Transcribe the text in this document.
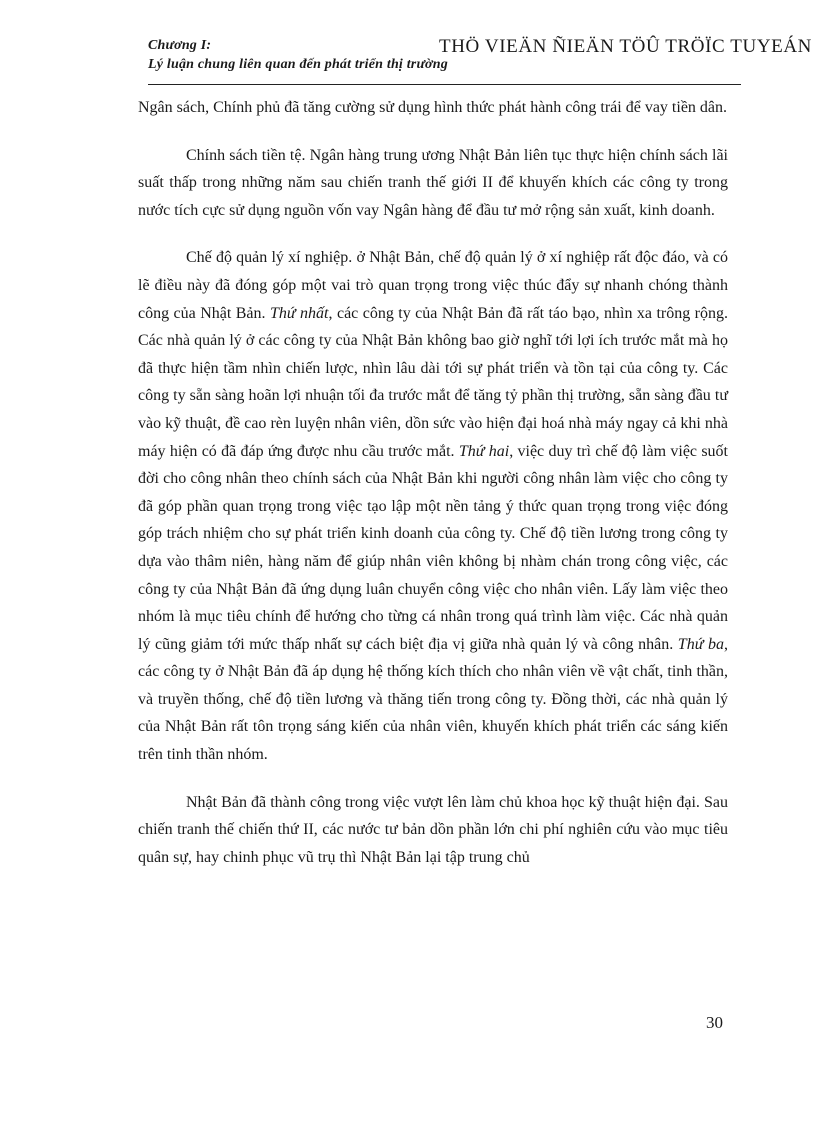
Chương I:
Lý luận chung liên quan đến phát triển thị trường
THÖ VIEÄN ÑIEÄN TÖÛ TRÖÏC TUYEÁN

Ngân sách, Chính phủ đã tăng cường sử dụng hình thức phát hành công trái để vay tiền dân.

Chính sách tiền tệ. Ngân hàng trung ương Nhật Bản liên tục thực hiện chính sách lãi suất thấp trong những năm sau chiến tranh thế giới II để khuyến khích các công ty trong nước tích cực sử dụng nguồn vốn vay Ngân hàng để đầu tư mở rộng sản xuất, kinh doanh.

Chế độ quản lý xí nghiệp. ở Nhật Bản, chế độ quản lý ở xí nghiệp rất độc đáo, và có lẽ điều này đã đóng góp một vai trò quan trọng trong việc thúc đẩy sự nhanh chóng thành công của Nhật Bản. Thứ nhất, các công ty của Nhật Bản đã rất táo bạo, nhìn xa trông rộng. Các nhà quản lý ở các công ty của Nhật Bản không bao giờ nghĩ tới lợi ích trước mắt mà họ đã thực hiện tầm nhìn chiến lược, nhìn lâu dài tới sự phát triển và tồn tại của công ty. Các công ty sẵn sàng hoãn lợi nhuận tối đa trước mắt để tăng tỷ phần thị trường, sẵn sàng đầu tư vào kỹ thuật, đề cao rèn luyện nhân viên, dồn sức vào hiện đại hoá nhà máy ngay cả khi nhà máy hiện có đã đáp ứng được nhu cầu trước mắt. Thứ hai, việc duy trì chế độ làm việc suốt đời cho công nhân theo chính sách của Nhật Bản khi người công nhân làm việc cho công ty đã góp phần quan trọng trong việc tạo lập một nền tảng ý thức quan trọng trong việc đóng góp trách nhiệm cho sự phát triển kinh doanh của công ty. Chế độ tiền lương trong công ty dựa vào thâm niên, hàng năm để giúp nhân viên không bị nhàm chán trong công việc, các công ty của Nhật Bản đã ứng dụng luân chuyển công việc cho nhân viên. Lấy làm việc theo nhóm là mục tiêu chính để hướng cho từng cá nhân trong quá trình làm việc. Các nhà quản lý cũng giảm tới mức thấp nhất sự cách biệt địa vị giữa nhà quản lý và công nhân. Thứ ba, các công ty ở Nhật Bản đã áp dụng hệ thống kích thích cho nhân viên về vật chất, tinh thần, và truyền thống, chế độ tiền lương và thăng tiến trong công ty. Đồng thời, các nhà quản lý của Nhật Bản rất tôn trọng sáng kiến của nhân viên, khuyến khích phát triển các sáng kiến trên tinh thần nhóm.

Nhật Bản đã thành công trong việc vượt lên làm chủ khoa học kỹ thuật hiện đại. Sau chiến tranh thế chiến thứ II, các nước tư bản dồn phần lớn chi phí nghiên cứu vào mục tiêu quân sự, hay chinh phục vũ trụ thì Nhật Bản lại tập trung chủ

30
